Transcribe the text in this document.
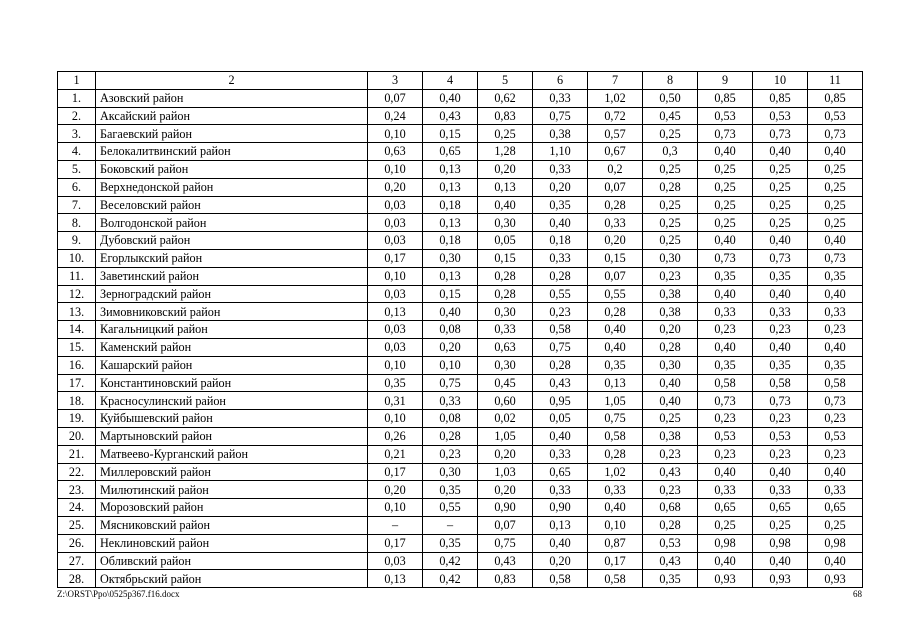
1	2	3	4	5	6	7	8	9	10	11
1.	Азовский район	0,07	0,40	0,62	0,33	1,02	0,50	0,85	0,85	0,85
2.	Аксайский район	0,24	0,43	0,83	0,75	0,72	0,45	0,53	0,53	0,53
3.	Багаевский район	0,10	0,15	0,25	0,38	0,57	0,25	0,73	0,73	0,73
4.	Белокалитвинский район	0,63	0,65	1,28	1,10	0,67	0,3	0,40	0,40	0,40
5.	Боковский район	0,10	0,13	0,20	0,33	0,2	0,25	0,25	0,25	0,25
6.	Верхнедонской район	0,20	0,13	0,13	0,20	0,07	0,28	0,25	0,25	0,25
7.	Веселовский район	0,03	0,18	0,40	0,35	0,28	0,25	0,25	0,25	0,25
8.	Волгодонской район	0,03	0,13	0,30	0,40	0,33	0,25	0,25	0,25	0,25
9.	Дубовский район	0,03	0,18	0,05	0,18	0,20	0,25	0,40	0,40	0,40
10.	Егорлыкский район	0,17	0,30	0,15	0,33	0,15	0,30	0,73	0,73	0,73
11.	Заветинский район	0,10	0,13	0,28	0,28	0,07	0,23	0,35	0,35	0,35
12.	Зерноградский район	0,03	0,15	0,28	0,55	0,55	0,38	0,40	0,40	0,40
13.	Зимовниковский район	0,13	0,40	0,30	0,23	0,28	0,38	0,33	0,33	0,33
14.	Кагальницкий район	0,03	0,08	0,33	0,58	0,40	0,20	0,23	0,23	0,23
15.	Каменский район	0,03	0,20	0,63	0,75	0,40	0,28	0,40	0,40	0,40
16.	Кашарский район	0,10	0,10	0,30	0,28	0,35	0,30	0,35	0,35	0,35
17.	Константиновский район	0,35	0,75	0,45	0,43	0,13	0,40	0,58	0,58	0,58
18.	Красносулинский район	0,31	0,33	0,60	0,95	1,05	0,40	0,73	0,73	0,73
19.	Куйбышевский район	0,10	0,08	0,02	0,05	0,75	0,25	0,23	0,23	0,23
20.	Мартыновский район	0,26	0,28	1,05	0,40	0,58	0,38	0,53	0,53	0,53
21.	Матвеево-Курганский район	0,21	0,23	0,20	0,33	0,28	0,23	0,23	0,23	0,23
22.	Миллеровский район	0,17	0,30	1,03	0,65	1,02	0,43	0,40	0,40	0,40
23.	Милютинский район	0,20	0,35	0,20	0,33	0,33	0,23	0,33	0,33	0,33
24.	Морозовский район	0,10	0,55	0,90	0,90	0,40	0,68	0,65	0,65	0,65
25.	Мясниковский район	–	–	0,07	0,13	0,10	0,28	0,25	0,25	0,25
26.	Неклиновский район	0,17	0,35	0,75	0,40	0,87	0,53	0,98	0,98	0,98
27.	Обливский район	0,03	0,42	0,43	0,20	0,17	0,43	0,40	0,40	0,40
28.	Октябрьский район	0,13	0,42	0,83	0,58	0,58	0,35	0,93	0,93	0,93
Z:\ORST\Ppo\0525p367.f16.docx	68
